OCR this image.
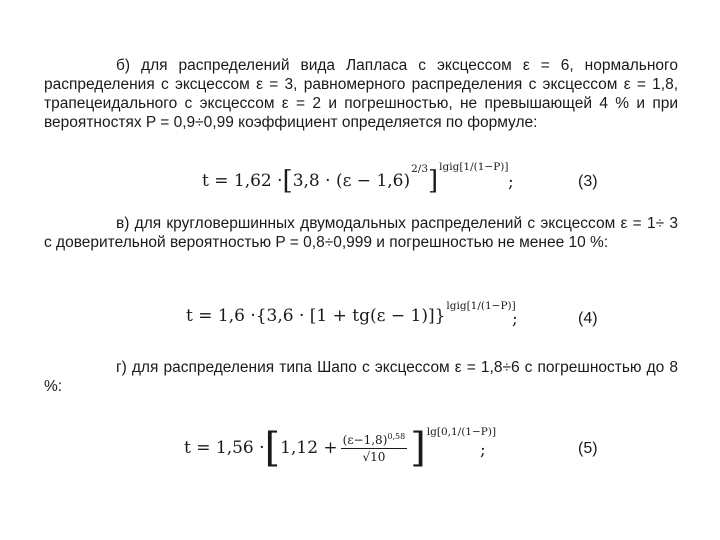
б) для распределений вида Лапласа с эксцессом ε = 6, нормального распределения с эксцессом ε = 3, равномерного распределения с эксцессом ε = 1,8, трапецеидального с эксцессом ε = 2 и погрешностью, не превышающей 4 % и при вероятностях P = 0,9÷0,99 коэффициент определяется по формуле:
t = 1,62 · [ 3,8 · (ε − 1,6)
2/3 ] lgig[1/(1−P)]
;	(3)
в) для кругловершинных двумодальных распределений с эксцессом ε = 1÷ 3 с доверительной вероятностью P = 0,8÷0,999 и погрешностью не менее 10 %:
t = 1,6 · {3,6 · [1 + tg(ε − 1)]} lgig[1/(1−P)]
;	(4)
г) для распределения типа Шапо с эксцессом ε = 1,8÷6 с погрешностью до 8 %:
t = 1,56 · [ $1,12 + \frac{(\varepsilon-1,8)^{0,58}}{√10}$ ] lg[0,1/(1−P)]
;	(5)
